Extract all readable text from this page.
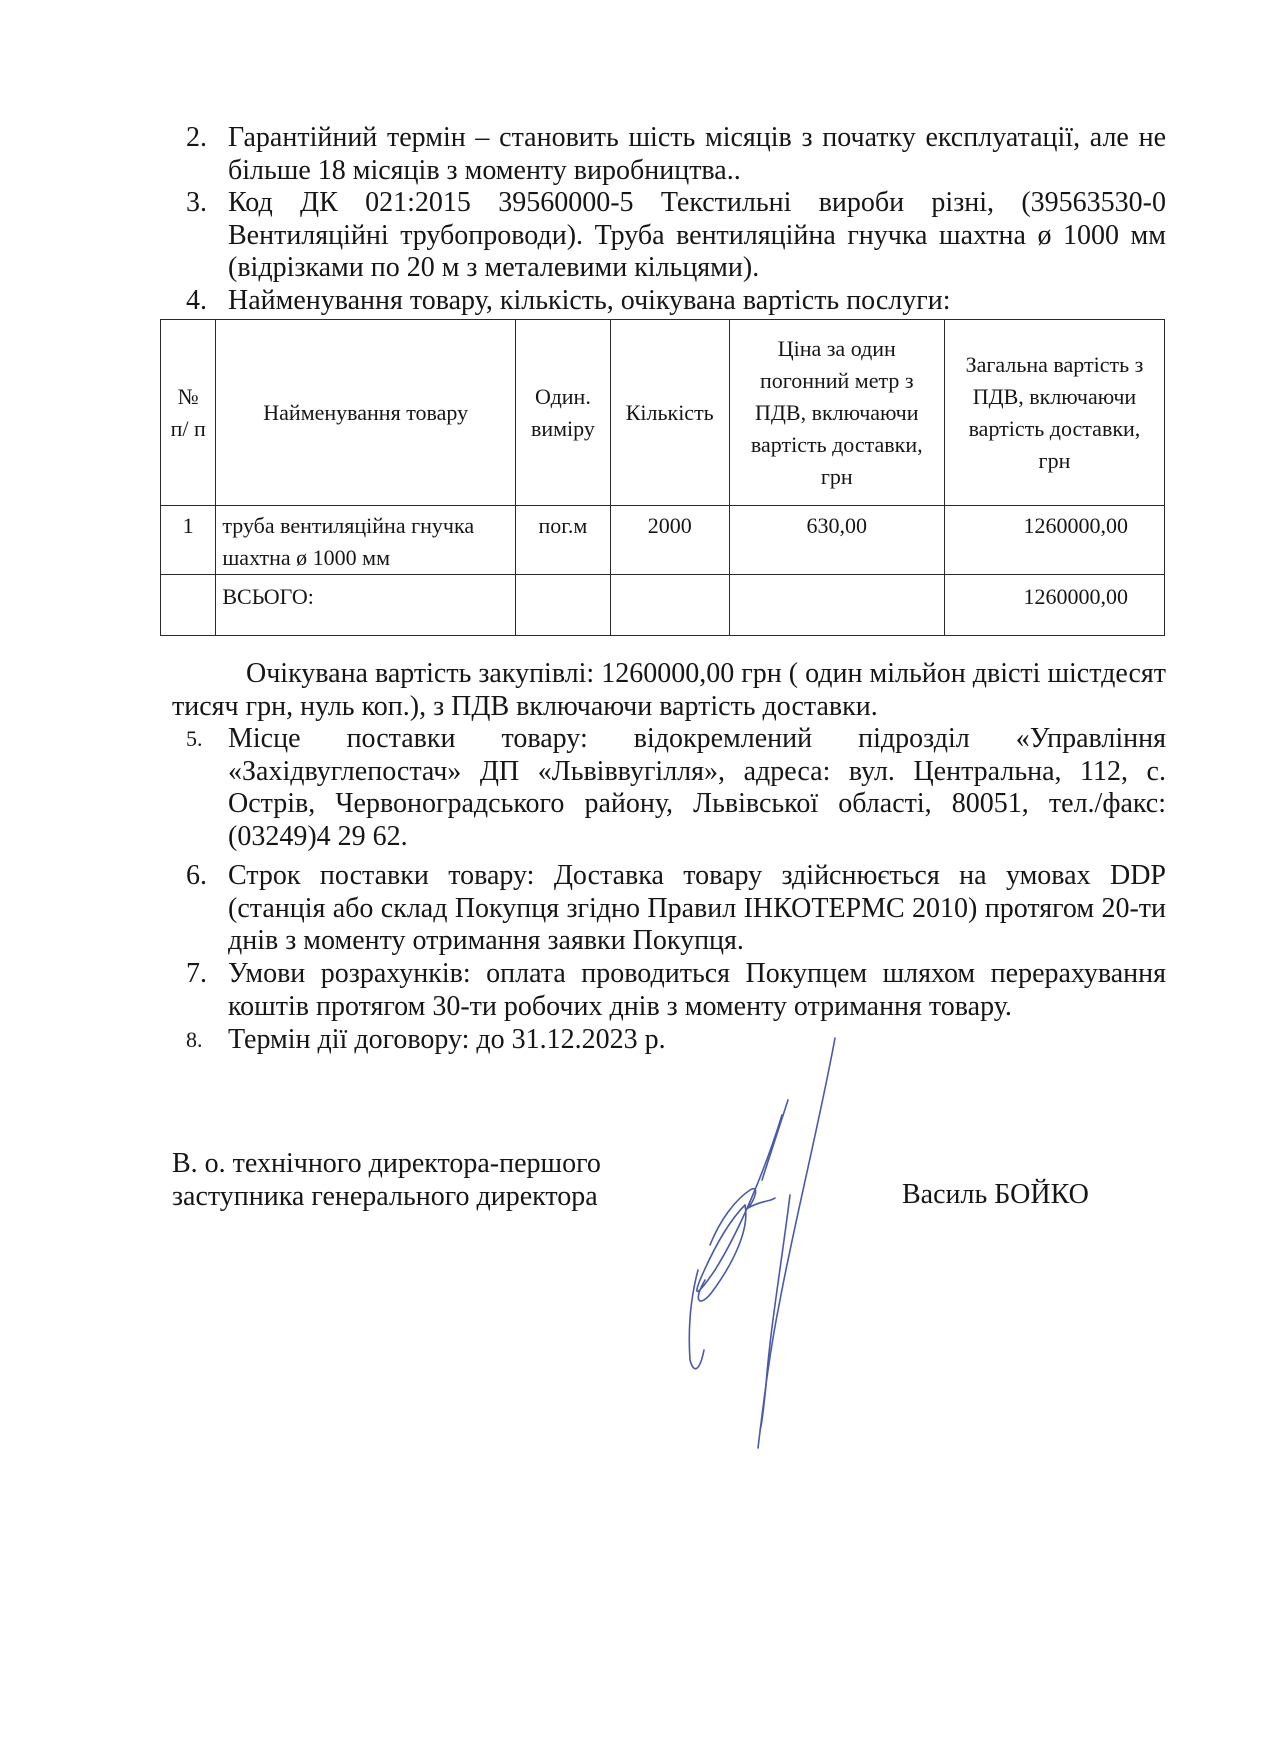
2. Гарантійний термін – становить шість місяців з початку експлуатації, але не більше 18 місяців з моменту виробництва..
3. Код ДК 021:2015 39560000-5 Текстильні вироби різні, (39563530-0 Вентиляційні трубопроводи). Труба вентиляційна гнучка шахтна ø 1000 мм (відрізками по 20 м з металевими кільцями).
4. Найменування товару, кількість, очікувана вартість послуги:
№ п/ п	Найменування товару	Один. виміру	Кількість	Ціна за один погонний метр з ПДВ, включаючи вартість доставки, грн	Загальна вартість з ПДВ, включаючи вартість доставки, грн
1	труба вентиляційна гнучка шахтна ø 1000 мм	пог.м	2000	630,00	1260000,00
	ВСЬОГО:				1260000,00
Очікувана вартість закупівлі: 1260000,00 грн ( один мільйон двісті шістдесят тисяч грн, нуль коп.), з ПДВ включаючи вартість доставки.
5. Місце поставки товару: відокремлений підрозділ «Управління «Західвуглепостач» ДП «Львіввугілля», адреса: вул. Центральна, 112, с. Острів, Червоноградського району, Львівської області, 80051, тел./факс: (03249)4 29 62.
6. Строк поставки товару: Доставка товару здійснюється на умовах DDP (станція або склад Покупця згідно Правил ІНКОТЕРМС 2010) протягом 20-ти днів з моменту отримання заявки Покупця.
7. Умови розрахунків: оплата проводиться Покупцем шляхом перерахування коштів протягом 30-ти робочих днів з моменту отримання товару.
8. Термін дії договору: до 31.12.2023 р.
В. о. технічного директора-першого
заступника генерального директора	Василь БОЙКО
